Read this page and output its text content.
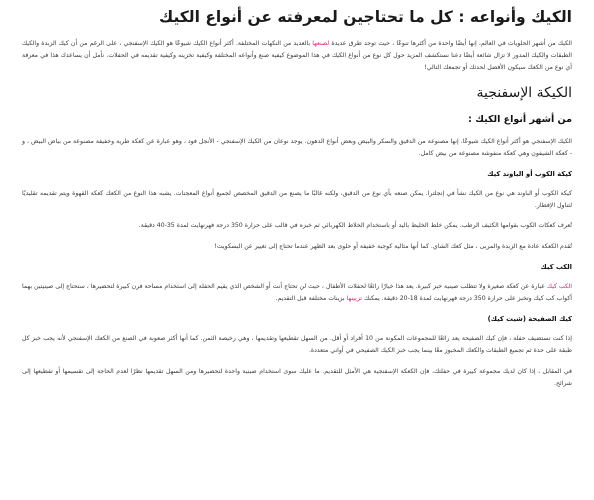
الكيك وأنواعه : كل ما تحتاجين لمعرفته عن أنواع الكيك

الكيك من أشهر الحلويات في العالم، إنها أيضًا واحدة من أكثرها تنوعًا ، حيث توجد طرق عديدة لصنعها بالعديد من النكهات المختلفة. أكثر أنواع الكيك شيوعًا هو الكيك الإسفنجي ، على الرغم من أن كيك الزبدة والكيك الطبقات والكيك المدور لا تزال شائعة أيضًا دعنا نستكشف المزيد حول كل نوع من أنواع الكيك في هذا الموضوع كيفية صنع وأنواعه المختلفة وكيفية تخزينه وكيفية تقديمه في الحفلات. نأمل أن يساعدك هذا في معرفة أي نوع من الكعك سيكون الأفضل لحدثك أو تجمعك التالي!

الكيكة الإسفنجية
من أشهر أنواع الكيك :

الكيك الإسفنجي هو أكثر أنواع الكيك شيوعًا. إنها مصنوعة من الدقيق والسكر والبيض وبعض أنواع الدهون. يوجد نوعان من الكيك الإسفنجي - الأنجل فود ، وهو عبارة عن كعكة طرية وخفيفة مصنوعة من بياض البيض ، و - كعكة الشيفون وهي كعكة منفوشة مصنوعة من بيض كامل.

كيكة الكوب أو الباوند كيك

كيكة الكوب أو الباوند هي نوع من الكيك نشأ في إنجلترا. يمكن صنعه بأي نوع من الدقيق، ولكنه غالبًا ما يصنع من الدقيق المخصص لجميع أنواع المعجنات. يشبه هذا النوع من الكعك كعكة القهوة ويتم تقديمه تقليديًا لتناول الإفطار.

تُعرف كعكات الكوب بقوامها الكثيف الرطب. يمكن خلط الخليط باليد أو باستخدام الخلاط الكهربائي ثم خبزه في قالب على حرارة 350 درجة فهرنهايت لمدة 35-40 دقيقة.

تُقدم الكعكة عادة مع الزبدة والمربى ، مثل كعك الشاي. كما أنها مثالية كوجبة خفيفة أو حلوى بعد الظهر عندما تحتاج إلى تغيير عن البسكويت!

الكب كيك

الكب كيك عبارة عن كعكة صغيرة ولا تتطلب صينية خبز كبيرة. يعد هذا خيارًا رائعًا لحفلات الأطفال ، حيث لن تحتاج أنت أو الشخص الذي يقيم الحفلة إلى استخدام مساحة فرن كبيرة لتحضيرها ، ستحتاج إلى صينيتين بهما أكواب كب كيك وتخبز على حرارة 350 درجة فهرنهايت لمدة 18-20 دقيقة. يمكنك تزيينها بزينات مختلفة قبل التقديم.

كيك الصفيحة (شيت كيك)

إذا كنت تستضيف حفلة ، فإن كيك الصفيحة يعد رائعًا للمجموعات المكونة من 10 أفراد أو أقل. من السهل تقطيعها وتقديمها ، وهي رخيصة الثمن. كما أنها أكثر صعوبة في الصنع من الكعك الإسفنجي لأنه يجب خبز كل طبقة على حدة ثم تجميع الطبقات والكعك المخبوز معًا بينما يجب خبز الكيك الصفيحي في أواني متعددة.

في المقابل ، إذا كان لديك مجموعة كبيرة في حفلتك، فإن الكعكة الإسفنجية هي الأمثل للتقديم. ما عليك سوى استخدام صينية واحدة لتحضيرها ومن السهل تقديمها نظرًا لعدم الحاجة إلى تقسيمها أو تقطيعها إلى شرائح.
